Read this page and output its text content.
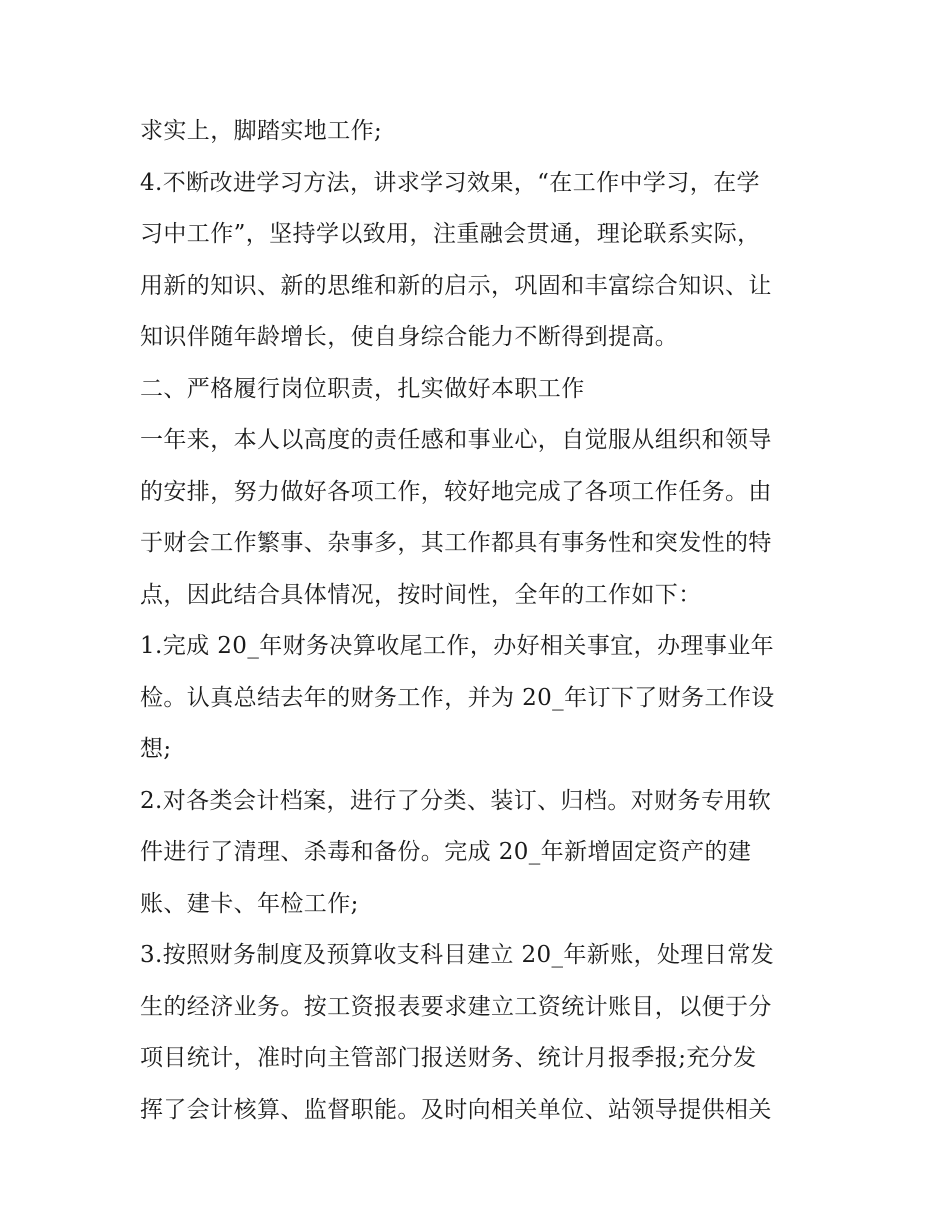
求实上，脚踏实地工作;
4.不断改进学习方法，讲求学习效果，“在工作中学习，在学
习中工作”，坚持学以致用，注重融会贯通，理论联系实际，
用新的知识、新的思维和新的启示，巩固和丰富综合知识、让
知识伴随年龄增长，使自身综合能力不断得到提高。
二、严格履行岗位职责，扎实做好本职工作
一年来，本人以高度的责任感和事业心，自觉服从组织和领导
的安排，努力做好各项工作，较好地完成了各项工作任务。由
于财会工作繁事、杂事多，其工作都具有事务性和突发性的特
点，因此结合具体情况，按时间性，全年的工作如下：
1.完成 20_年财务决算收尾工作，办好相关事宜，办理事业年
检。认真总结去年的财务工作，并为 20_年订下了财务工作设
想;
2.对各类会计档案，进行了分类、装订、归档。对财务专用软
件进行了清理、杀毒和备份。完成 20_年新增固定资产的建
账、建卡、年检工作;
3.按照财务制度及预算收支科目建立 20_年新账，处理日常发
生的经济业务。按工资报表要求建立工资统计账目，以便于分
项目统计，准时向主管部门报送财务、统计月报季报;充分发
挥了会计核算、监督职能。及时向相关单位、站领导提供相关
